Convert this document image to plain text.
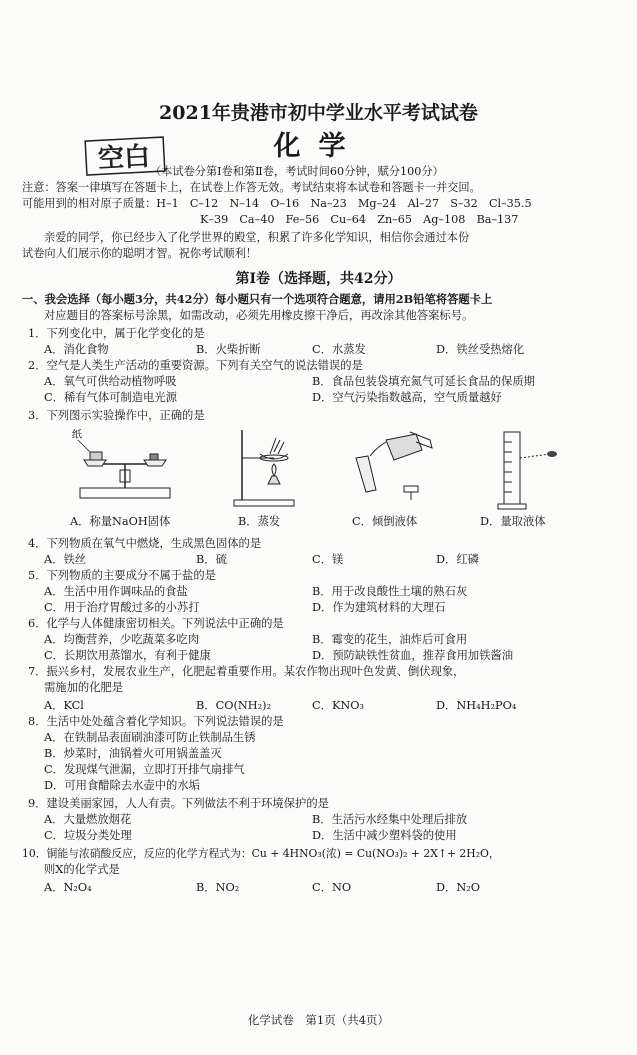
2021年贵港市初中学业水平考试试卷
空白	化学
（本试卷分第Ⅰ卷和第Ⅱ卷，考试时间60分钟，赋分100分）
注意：答案一律填写在答题卡上，在试卷上作答无效。考试结束将本试卷和答题卡一并交回。
可能用到的相对原子质量：H–1　C–12　N–14　O–16　Na–23　Mg–24　Al–27　S–32　Cl–35.5
K–39　Ca–40　Fe–56　Cu–64　Zn–65　Ag–108　Ba–137
亲爱的同学，你已经步入了化学世界的殿堂，积累了许多化学知识，相信你会通过本份
试卷向人们展示你的聪明才智。祝你考试顺利！
第Ⅰ卷（选择题，共42分）
一、我会选择（每小题3分，共42分）每小题只有一个选项符合题意，请用2B铅笔将答题卡上
对应题目的答案标号涂黑，如需改动，必须先用橡皮擦干净后，再改涂其他答案标号。
1．下列变化中，属于化学变化的是
A．消化食物	B．火柴折断	C．水蒸发	D．铁丝受热熔化
2．空气是人类生产活动的重要资源。下列有关空气的说法错误的是
A．氧气可供给动植物呼吸	B．食品包装袋填充氮气可延长食品的保质期
C．稀有气体可制造电光源	D．空气污染指数越高，空气质量越好
3．下列图示实验操作中，正确的是
纸
A．称量NaOH固体	B．蒸发	C．倾倒液体	D．量取液体
4．下列物质在氧气中燃烧，生成黑色固体的是
A．铁丝	B．硫	C．镁	D．红磷
5．下列物质的主要成分不属于盐的是
A．生活中用作调味品的食盐	B．用于改良酸性土壤的熟石灰
C．用于治疗胃酸过多的小苏打	D．作为建筑材料的大理石
6．化学与人体健康密切相关。下列说法中正确的是
A．均衡营养，少吃蔬菜多吃肉	B．霉变的花生，油炸后可食用
C．长期饮用蒸馏水，有利于健康	D．预防缺铁性贫血，推荐食用加铁酱油
7．振兴乡村，发展农业生产，化肥起着重要作用。某农作物出现叶色发黄、倒伏现象，
需施加的化肥是
A．KCl	B．CO(NH₂)₂	C．KNO₃	D．NH₄H₂PO₄
8．生活中处处蕴含着化学知识。下列说法错误的是
A．在铁制品表面刷油漆可防止铁制品生锈
B．炒菜时，油锅着火可用锅盖盖灭
C．发现煤气泄漏，立即打开排气扇排气
D．可用食醋除去水壶中的水垢
9．建设美丽家园，人人有责。下列做法不利于环境保护的是
A．大量燃放烟花	B．生活污水经集中处理后排放
C．垃圾分类处理	D．生活中减少塑料袋的使用
10．铜能与浓硝酸反应，反应的化学方程式为：Cu + 4HNO₃(浓) = Cu(NO₃)₂ + 2X↑+ 2H₂O，
则X的化学式是
A．N₂O₄	B．NO₂	C．NO	D．N₂O
化学试卷　第1页（共4页）
